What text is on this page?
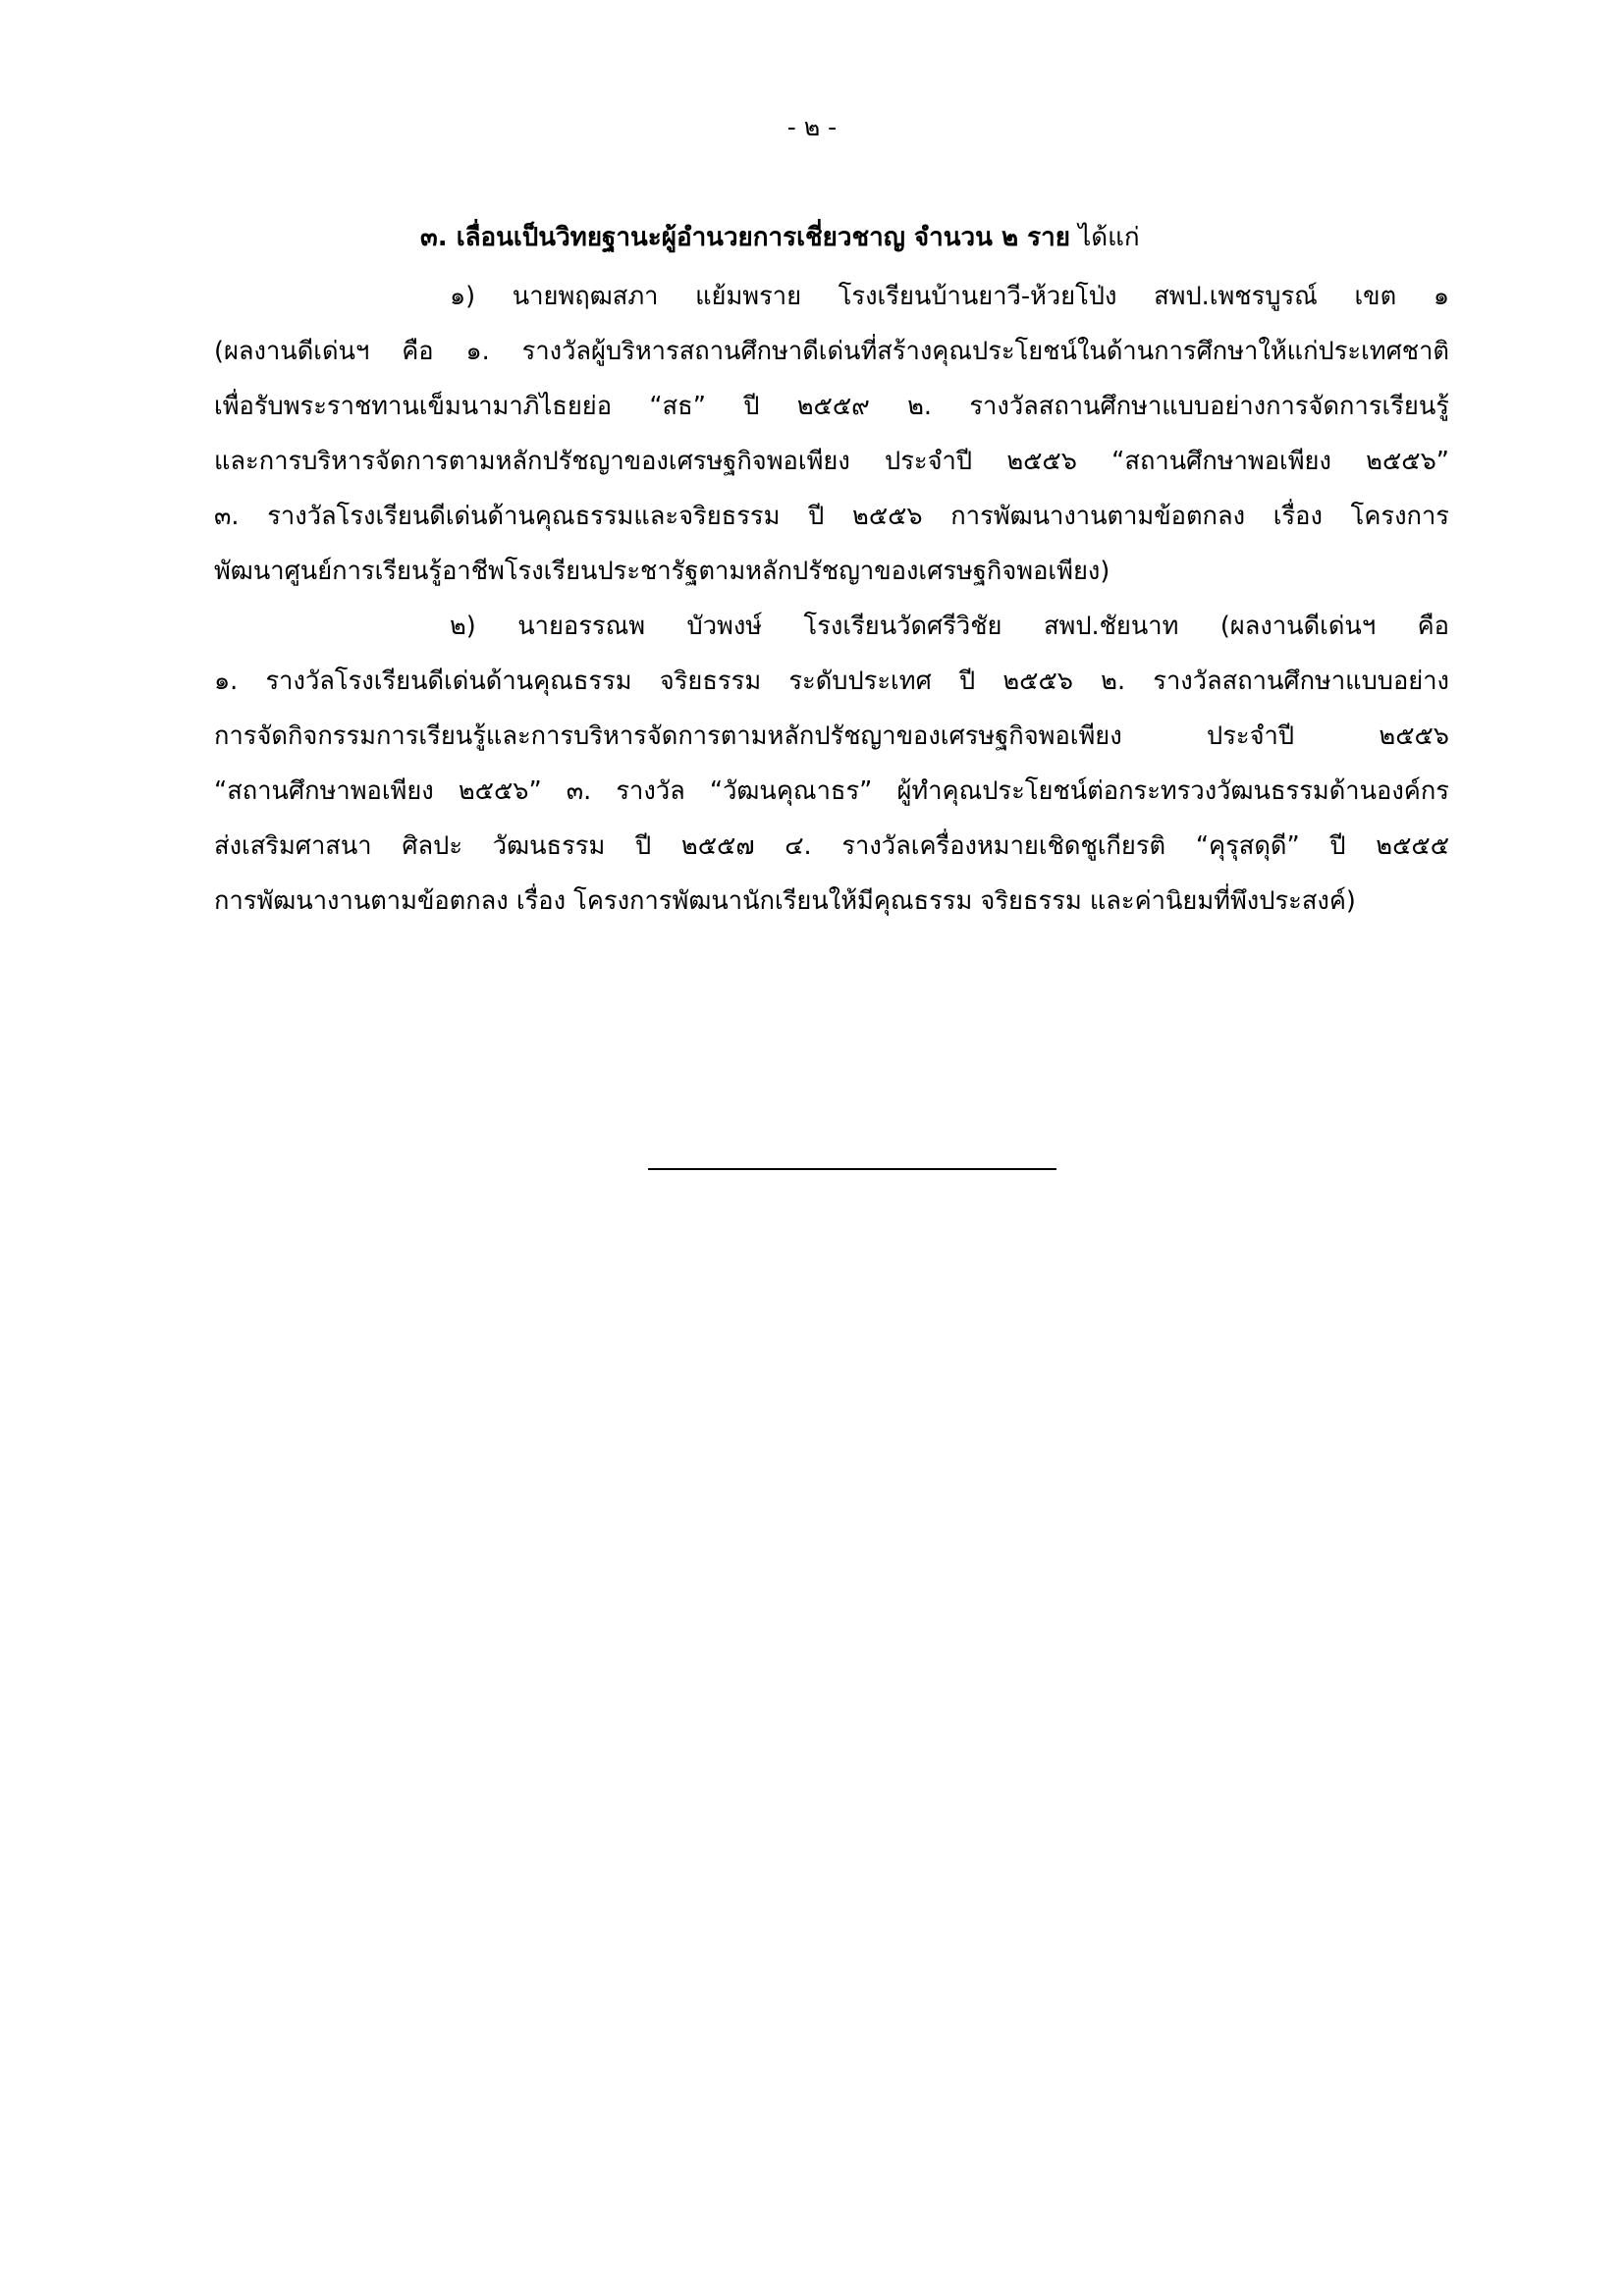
- ๒ -
๓. เลื่อนเป็นวิทยฐานะผู้อำนวยการเชี่ยวชาญ จำนวน ๒ ราย ได้แก่
๑) นายพฤฒสภา แย้มพราย โรงเรียนบ้านยาวี-ห้วยโป่ง สพป.เพชรบูรณ์ เขต ๑
(ผลงานดีเด่นฯ คือ ๑. รางวัลผู้บริหารสถานศึกษาดีเด่นที่สร้างคุณประโยชน์ในด้านการศึกษาให้แก่ประเทศชาติ
เพื่อรับพระราชทานเข็มนามาภิไธยย่อ “สธ” ปี ๒๕๕๙ ๒. รางวัลสถานศึกษาแบบอย่างการจัดการเรียนรู้
และการบริหารจัดการตามหลักปรัชญาของเศรษฐกิจพอเพียง ประจำปี ๒๕๕๖ “สถานศึกษาพอเพียง ๒๕๕๖”
๓. รางวัลโรงเรียนดีเด่นด้านคุณธรรมและจริยธรรม ปี ๒๕๕๖ การพัฒนางานตามข้อตกลง เรื่อง โครงการ
พัฒนาศูนย์การเรียนรู้อาชีพโรงเรียนประชารัฐตามหลักปรัชญาของเศรษฐกิจพอเพียง)
๒) นายอรรณพ บัวพงษ์ โรงเรียนวัดศรีวิชัย สพป.ชัยนาท (ผลงานดีเด่นฯ คือ
๑. รางวัลโรงเรียนดีเด่นด้านคุณธรรม จริยธรรม ระดับประเทศ ปี ๒๕๕๖ ๒. รางวัลสถานศึกษาแบบอย่าง
การจัดกิจกรรมการเรียนรู้และการบริหารจัดการตามหลักปรัชญาของเศรษฐกิจพอเพียง ประจำปี ๒๕๕๖
“สถานศึกษาพอเพียง ๒๕๕๖” ๓. รางวัล “วัฒนคุณาธร” ผู้ทำคุณประโยชน์ต่อกระทรวงวัฒนธรรมด้านองค์กร
ส่งเสริมศาสนา ศิลปะ วัฒนธรรม ปี ๒๕๕๗ ๔. รางวัลเครื่องหมายเชิดชูเกียรติ “คุรุสดุดี” ปี ๒๕๕๕
การพัฒนางานตามข้อตกลง เรื่อง โครงการพัฒนานักเรียนให้มีคุณธรรม จริยธรรม และค่านิยมที่พึงประสงค์)
